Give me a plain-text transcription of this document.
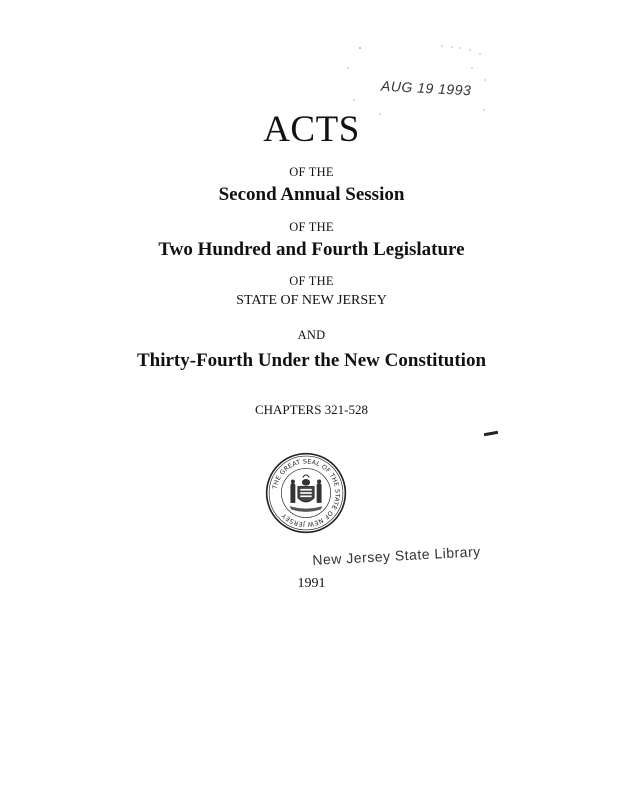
AUG 19 1993
ACTS
OF THE
Second Annual Session
OF THE
Two Hundred and Fourth Legislature
OF THE
STATE OF NEW JERSEY
AND
Thirty-Fourth Under the New Constitution
CHAPTERS 321-528
THE GREAT SEAL OF THE STATE OF NEW JERSEY
New Jersey State Library
1991
